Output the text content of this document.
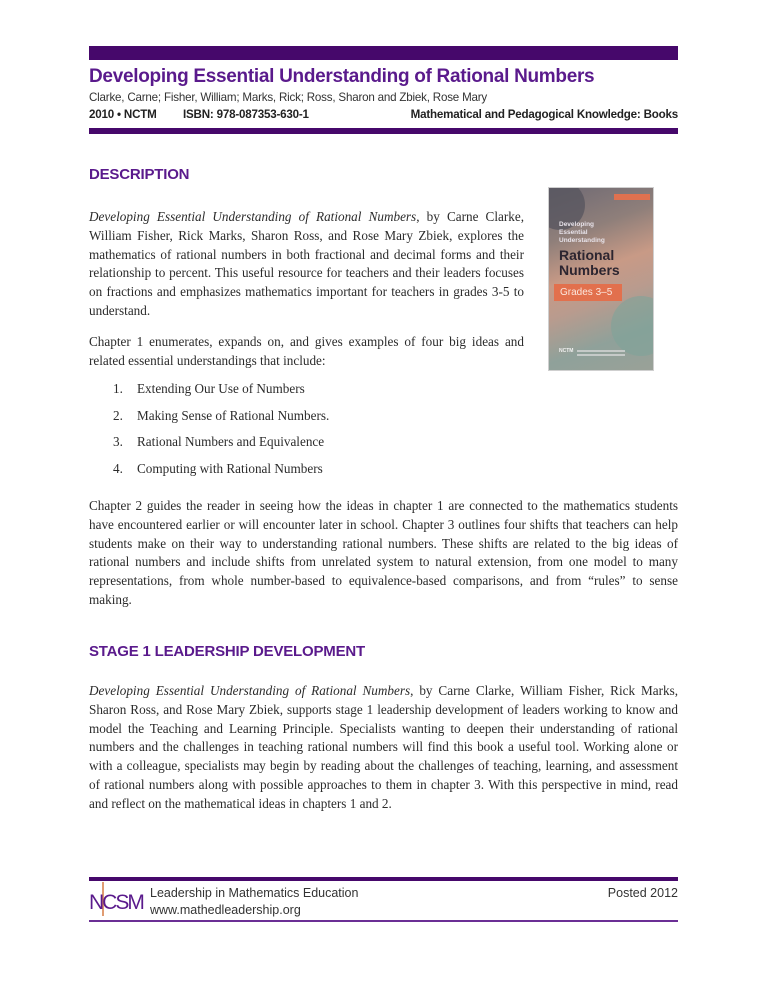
Developing Essential Understanding of Rational Numbers
Clarke, Carne; Fisher, William; Marks, Rick; Ross, Sharon and Zbiek, Rose Mary
2010 • NCTM ISBN: 978-087353-630-1	Mathematical and Pedagogical Knowledge: Books
DESCRIPTION

Developing Essential Understanding of Rational Numbers, by Carne Clarke, William Fisher, Rick Marks, Sharon Ross, and Rose Mary Zbiek, explores the mathematics of rational numbers in both fractional and decimal forms and their relationship to percent. This useful resource for teachers and their leaders focuses on fractions and emphasizes mathematics important for teachers in grades 3-5 to understand.

Developing
Essential
Understanding
Rational
Numbers
Grades 3–5
NCTM

Chapter 1 enumerates, expands on, and gives examples of four big ideas and related essential understandings that include:

1. Extending Our Use of Numbers
2. Making Sense of Rational Numbers.
3. Rational Numbers and Equivalence
4. Computing with Rational Numbers

Chapter 2 guides the reader in seeing how the ideas in chapter 1 are connected to the mathematics students have encountered earlier or will encounter later in school. Chapter 3 outlines four shifts that teachers can help students make on their way to understanding rational numbers. These shifts are related to the big ideas of rational numbers and include shifts from unrelated system to natural extension, from one model to many representations, from whole number-based to equivalence-based comparisons, and from “rules” to sense making.

STAGE 1 LEADERSHIP DEVELOPMENT

Developing Essential Understanding of Rational Numbers, by Carne Clarke, William Fisher, Rick Marks, Sharon Ross, and Rose Mary Zbiek, supports stage 1 leadership development of leaders working to know and model the Teaching and Learning Principle. Specialists wanting to deepen their understanding of rational numbers and the challenges in teaching rational numbers will find this book a useful tool. Working alone or with a colleague, specialists may begin by reading about the challenges of teaching, learning, and assessment of rational numbers along with possible approaches to them in chapter 3. With this perspective in mind, read and reflect on the mathematical ideas in chapters 1 and 2.

NCSM Leadership in Mathematics Education
www.mathedleadership.org
Posted 2012
